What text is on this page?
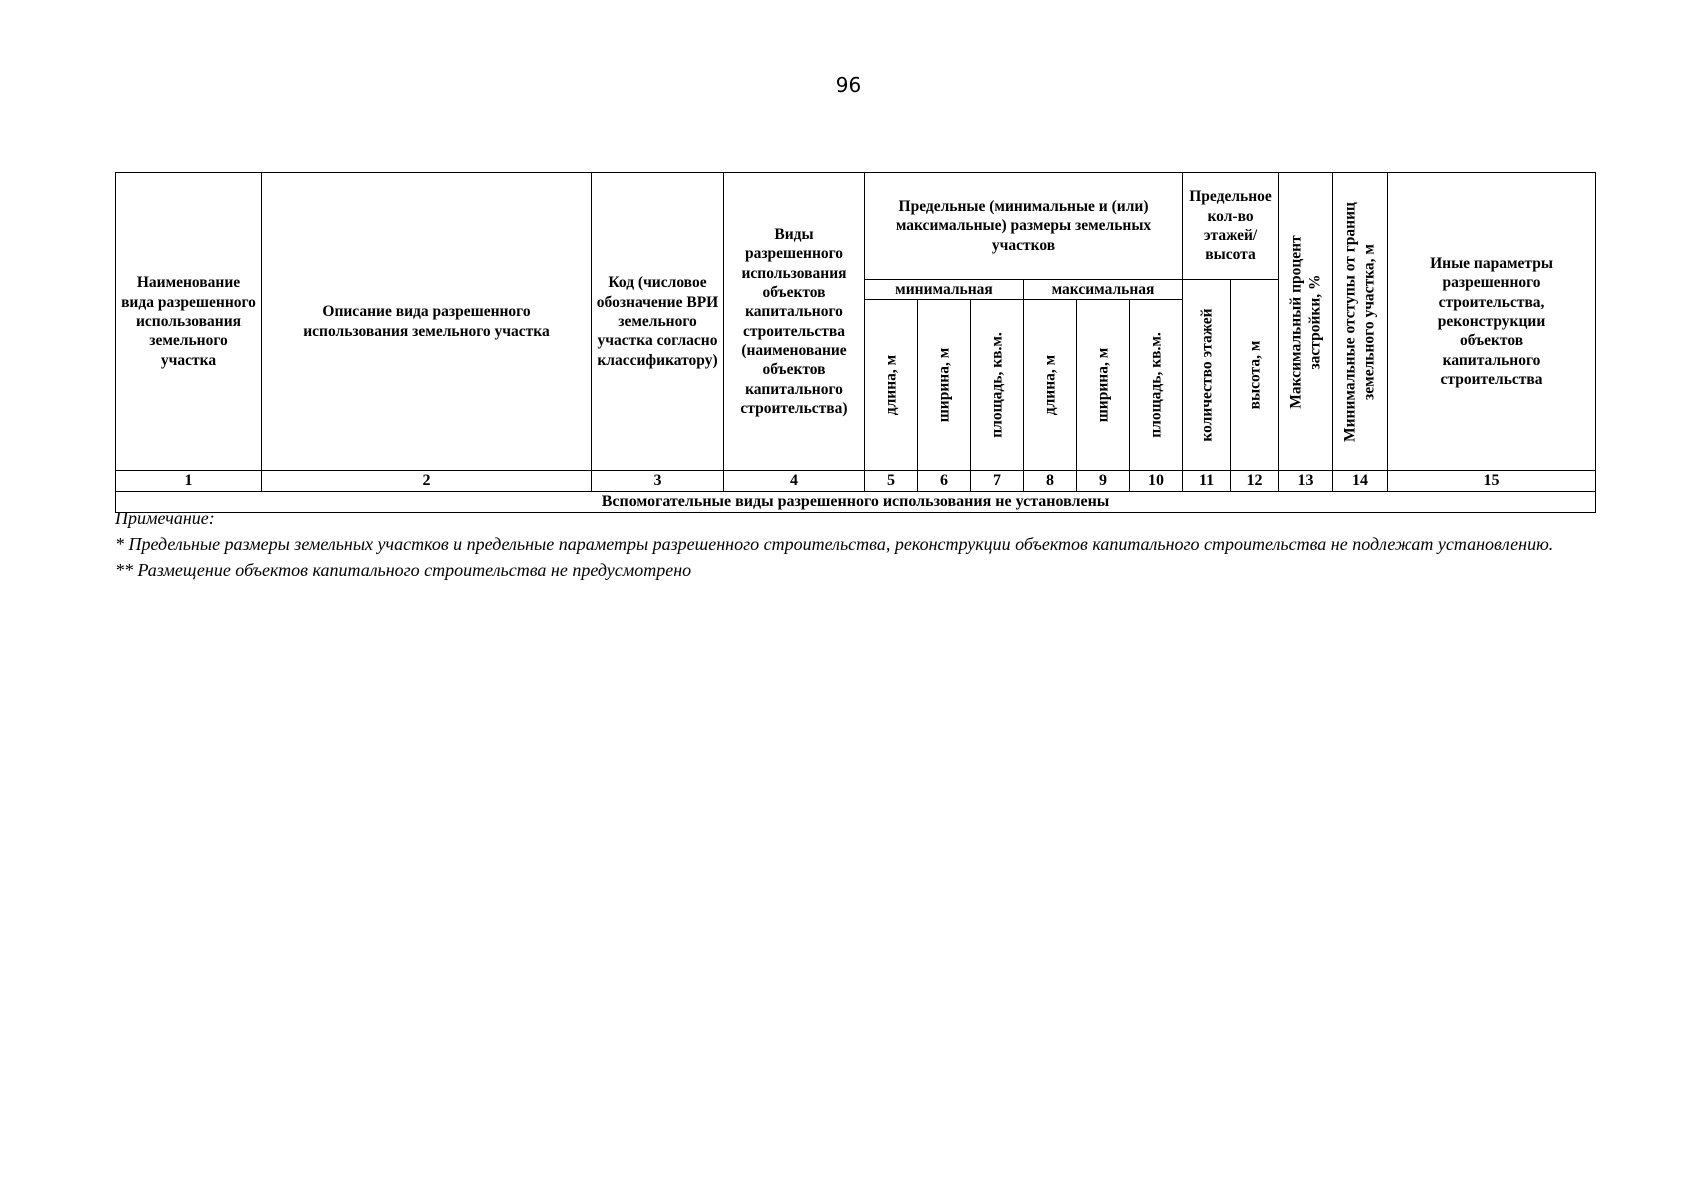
96
Наименование вида разрешенного использования земельного участка	Описание вида разрешенного использования земельного участка	Код (числовое обозначение ВРИ земельного участка согласно классификатору)	Виды разрешенного использования объектов капитального строительства (наименование объектов капитального строительства)	Предельные (минимальные и (или) максимальные) размеры земельных участков						Предельное кол-во этажей/ высота		Максимальный процент застройки, %	Минимальные отступы от границ земельного участка, м	Иные параметры разрешенного строительства, реконструкции объектов капитального строительства
				минимальная			максимальная			количество этажей	высота, м			

				длина, м	ширина, м	площадь, кв.м.	длина, м	ширина, м	площадь, кв.м.					

1	2	3	4	5	6	7	8	9	10	11	12	13	14	15
Вспомогательные виды разрешенного использования не установлены														

Примечание:

* Предельные размеры земельных участков и предельные параметры разрешенного строительства, реконструкции объектов капитального строительства не подлежат установлению.

** Размещение объектов капитального строительства не предусмотрено
